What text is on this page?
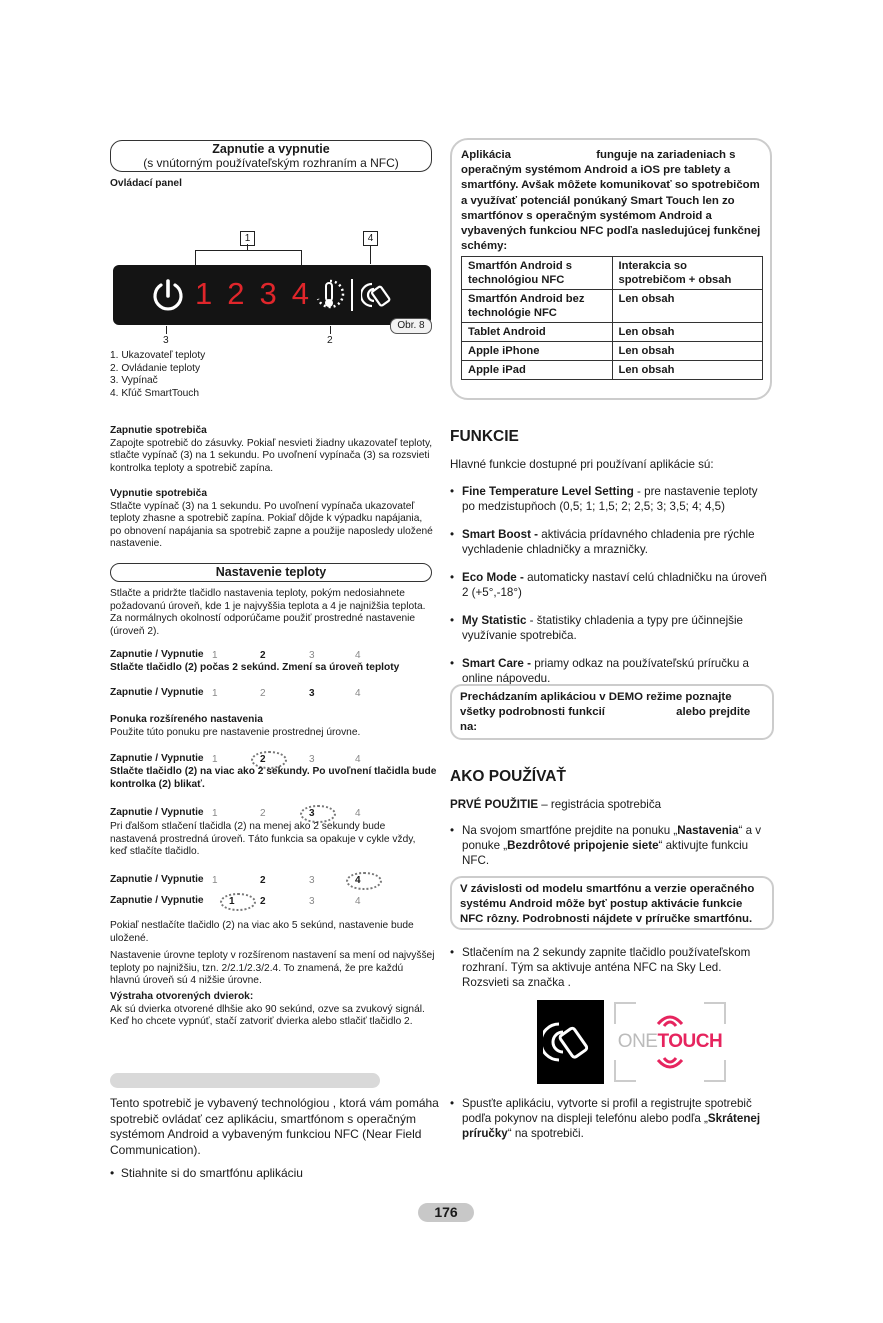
Zapnutie a vypnutie
(s vnútorným používateľským rozhraním a NFC)
Ovládací panel
1	4
1234
3	2
Obr. 8
1. Ukazovateľ teploty
2. Ovládanie teploty
3. Vypínač
4. Kľúč SmartTouch
Zapnutie spotrebiča
Zapojte spotrebič do zásuvky. Pokiaľ nesvieti žiadny ukazovateľ teploty, stlačte vypínač (3) na 1 sekundu. Po uvoľnení vypínača (3) sa rozsvieti kontrolka teploty a spotrebič zapína.
Vypnutie spotrebiča
Stlačte vypínač (3) na 1 sekundu. Po uvoľnení vypínača ukazovateľ teploty zhasne a spotrebič zapína. Pokiaľ dôjde k výpadku napájania, po obnovení napájania sa spotrebič zapne a použije naposledy uložené nastavenie.
Nastavenie teploty
Stlačte a pridržte tlačidlo nastavenia teploty, pokým nedosiahnete požadovanú úroveň, kde 1 je najvyššia teplota a 4 je najnižšia teplota. Za normálnych okolností odporúčame použiť prostredné nastavenie (úroveň 2).
Zapnutie / Vypnutie 1	2	3	4
Stlačte tlačidlo (2) počas 2 sekúnd. Zmení sa úroveň teploty
Zapnutie / Vypnutie 1	2	3	4
Ponuka rozšíreného nastavenia
Použite túto ponuku pre nastavenie prostrednej úrovne.
Zapnutie / Vypnutie 1	2	3	4
Stlačte tlačidlo (2) na viac ako 2 sekundy. Po uvoľnení tlačidla bude kontrolka (2) blikať.
Zapnutie / Vypnutie 1	2	3	4
Pri ďalšom stlačení tlačidla (2) na menej ako 2 sekundy bude nastavená prostredná úroveň. Táto funkcia sa opakuje v cykle vždy, keď stlačíte tlačidlo.
Zapnutie / Vypnutie 1	2	3	4
Zapnutie / Vypnutie	1	2	3	4
Pokiaľ nestlačíte tlačidlo (2) na viac ako 5 sekúnd, nastavenie bude uložené.
Nastavenie úrovne teploty v rozšírenom nastavení sa mení od najvyššej teploty po najnižšiu, tzn. 2/2.1/2.3/2.4. To znamená, že pre každú hlavnú úroveň sú 4 nižšie úrovne.
Výstraha otvorených dvierok:
Ak sú dvierka otvorené dlhšie ako 90 sekúnd, ozve sa zvukový signál. Keď ho chcete vypnúť, stačí zatvoriť dvierka alebo stlačiť tlačidlo 2.
Tento spotrebič je vybavený technológiou , ktorá vám pomáha spotrebič ovládať cez aplikáciu, smartfónom s operačným systémom Android a vybaveným funkciou NFC (Near Field Communication).
•  Stiahnite si do smartfónu aplikáciu
Aplikácia	funguje na zariadeniach s operačným systémom Android a iOS pre tablety a smartfóny. Avšak môžete komunikovať so spotrebičom a využívať potenciál ponúkaný Smart Touch len zo smartfónov s operačným systémom Android a vybavených funkciou NFC podľa nasledujúcej funkčnej schémy:
Smartfón Android s technológiou NFC	Interakcia so spotrebičom + obsah
Smartfón Android bez technológie NFC	Len obsah
Tablet Android	Len obsah
Apple iPhone	Len obsah
Apple iPad	Len obsah
FUNKCIE
Hlavné funkcie dostupné pri používaní aplikácie sú:
• Fine Temperature Level Setting - pre nastavenie teploty po medzistupňoch (0,5; 1; 1,5; 2; 2,5; 3; 3,5; 4; 4,5)
• Smart Boost - aktivácia prídavného chladenia pre rýchle vychladenie chladničky a mrazničky.
• Eco Mode - automaticky nastaví celú chladničku na úroveň 2 (+5°,-18°)
• My Statistic - štatistiky chladenia a typy pre účinnejšie využívanie spotrebiča.
• Smart Care - priamy odkaz na používateľskú príručku a online nápovedu.
Prechádzaním aplikáciou v DEMO režime poznajte všetky podrobnosti funkcií	alebo prejdite na:
AKO POUŽÍVAŤ
PRVÉ POUŽITIE – registrácia spotrebiča
• Na svojom smartfóne prejdite na ponuku „Nastavenia“ a v ponuke „Bezdrôtové pripojenie siete“ aktivujte funkciu NFC.
V závislosti od modelu smartfónu a verzie operačného systému Android môže byť postup aktivácie funkcie NFC rôzny. Podrobnosti nájdete v príručke smartfónu.
• Stlačením na 2 sekundy zapnite tlačidlo používateľskom rozhraní. Tým sa aktivuje anténa NFC na Sky Led. Rozsvieti sa značka .
ONETOUCH
• Spusťte aplikáciu, vytvorte si profil a registrujte spotrebič podľa pokynov na displeji telefónu alebo podľa „Skrátenej príručky“ na spotrebiči.
176
